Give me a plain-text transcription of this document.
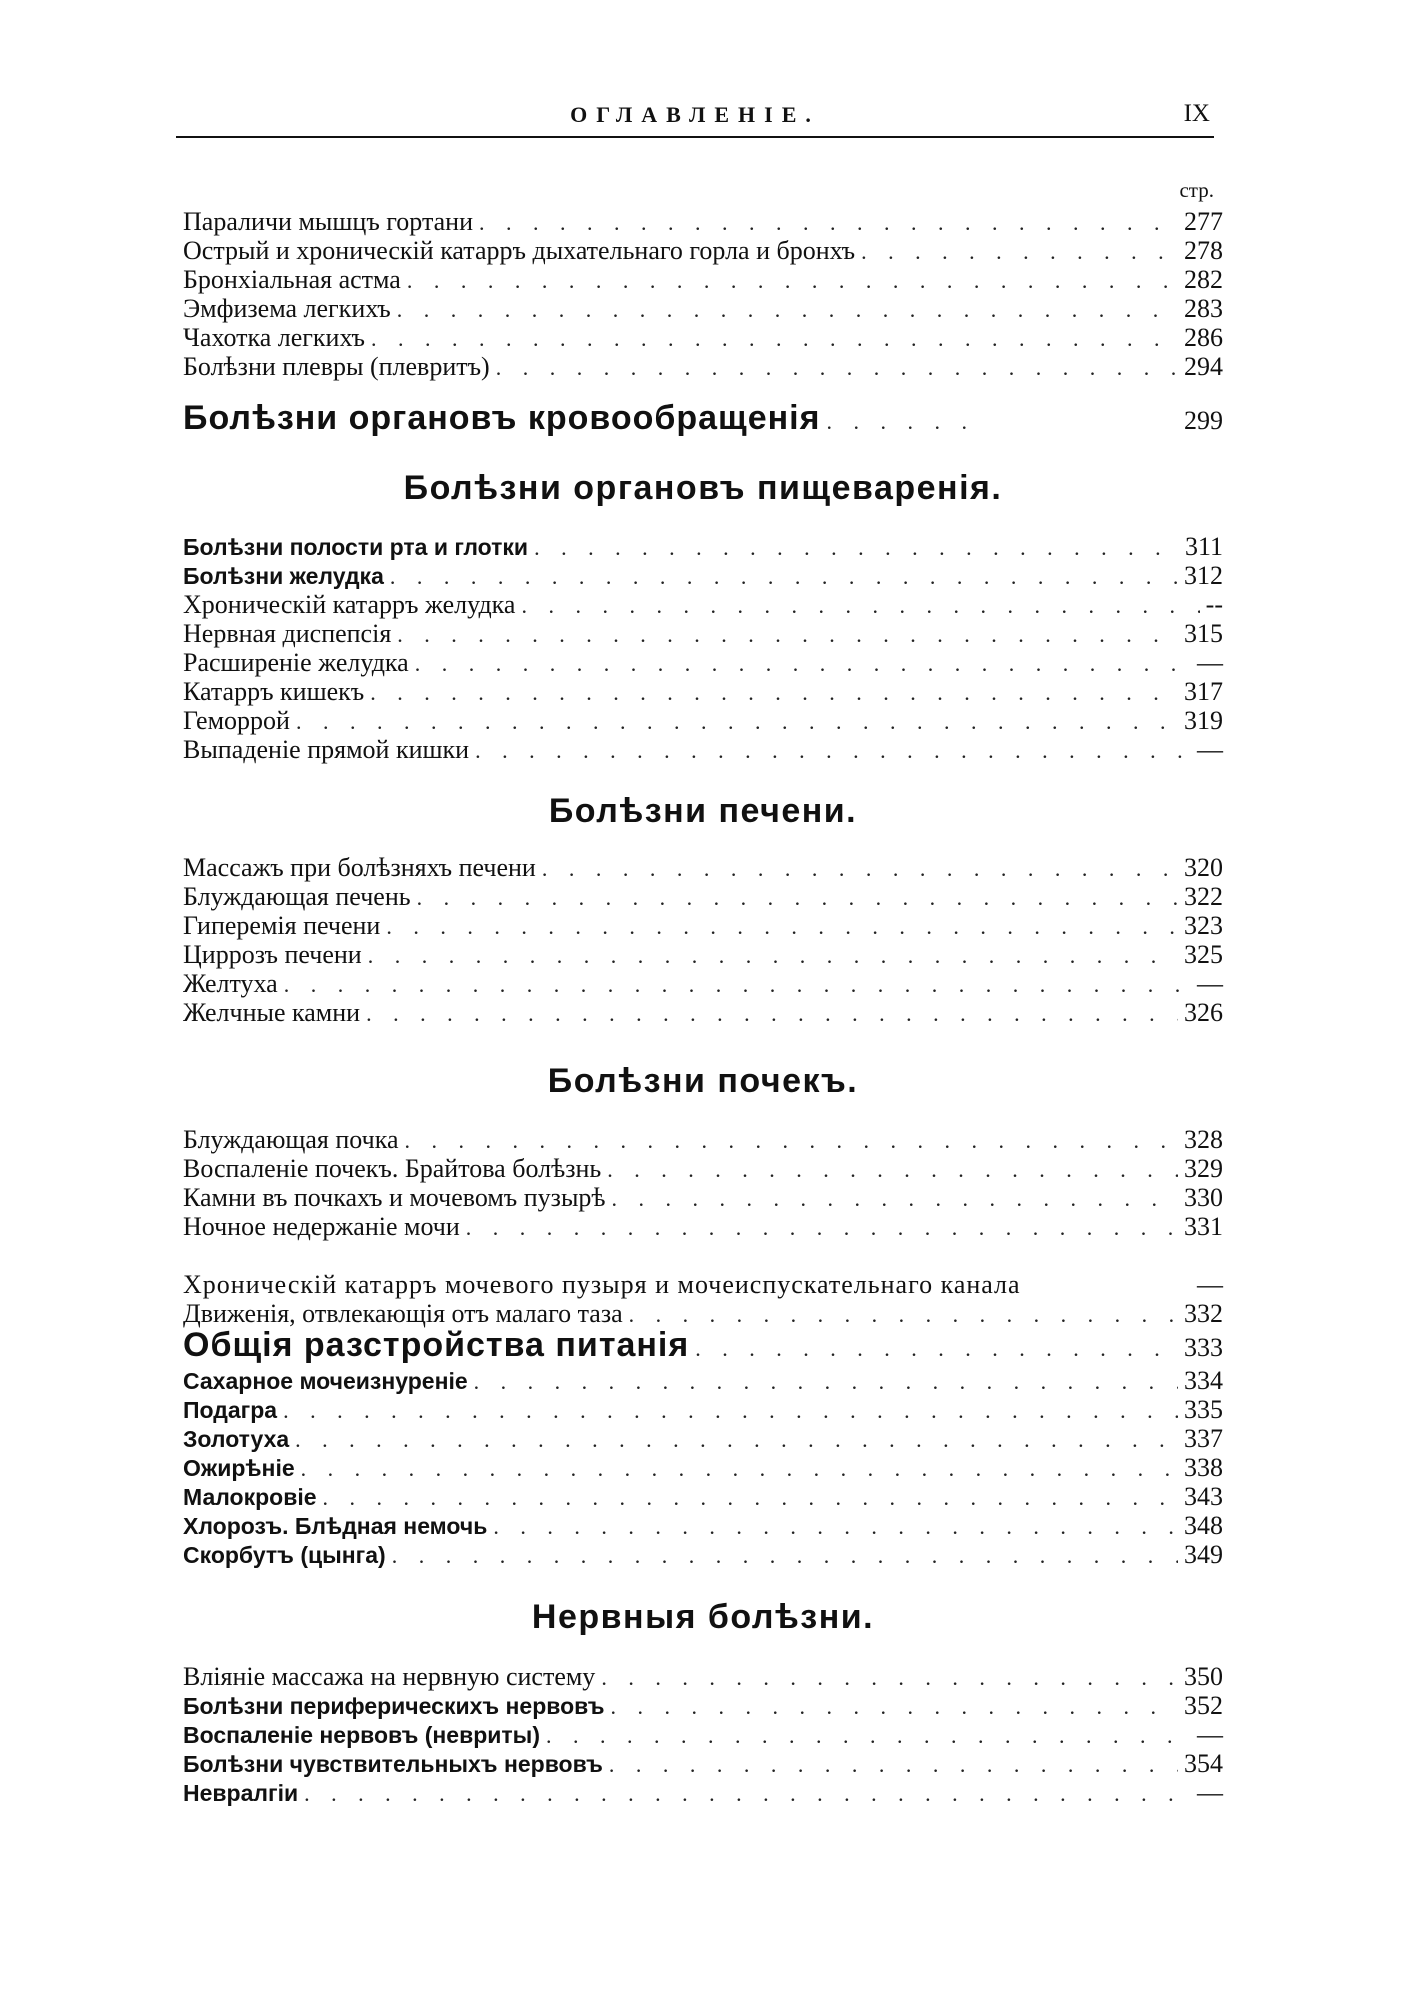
ОГЛАВЛЕНІЕ.	IX
стр.
Параличи мышцъ гортани . . .	277
Острый и хроническій катарръ дыхательнаго горла и бронхъ . . .	278
Бронхіальная астма . . .	282
Эмфизема легкихъ . . .	283
Чахотка легкихъ . . .	286
Болѣзни плевры (плевритъ) . . .	294
Болѣзни органовъ кровообращенія . . .	299
Болѣзни органовъ пищеваренія.
Болѣзни полости рта и глотки . . .	311
Болѣзни желудка . . .	312
Хроническій катарръ желудка . . .	--
Нервная диспепсія . . .	315
Расширеніе желудка . . .	—
Катарръ кишекъ . . .	317
Геморрой . . .	319
Выпаденіе прямой кишки . . .	—
Болѣзни печени.
Массажъ при болѣзняхъ печени . . .	320
Блуждающая печень . . .	322
Гиперемія печени . . .	323
Циррозъ печени . . .	325
Желтуха . . .	—
Желчные камни . . .	326
Болѣзни почекъ.
Блуждающая почка . . .	328
Воспаленіе почекъ. Брайтова болѣзнь . . .	329
Камни въ почкахъ и мочевомъ пузырѣ . . .	330
Ночное недержаніе мочи . . .	331
Хроническій катарръ мочевого пузыря и мочеиспускательнаго канала	—
Движенія, отвлекающія отъ малаго таза . . .	332
Общія разстройства питанія . . .	333
Сахарное мочеизнуреніе . . .	334
Подагра . . .	335
Золотуха . . .	337
Ожирѣніе . . .	338
Малокровіе . . .	343
Хлорозъ. Блѣдная немочь . . .	348
Скорбутъ (цынга) . . .	349
Нервныя болѣзни.
Вліяніе массажа на нервную систему . . .	350
Болѣзни периферическихъ нервовъ . . .	352
Воспаленіе нервовъ (невриты) . . .	—
Болѣзни чувствительныхъ нервовъ . . .	354
Невралгіи . . .	—
